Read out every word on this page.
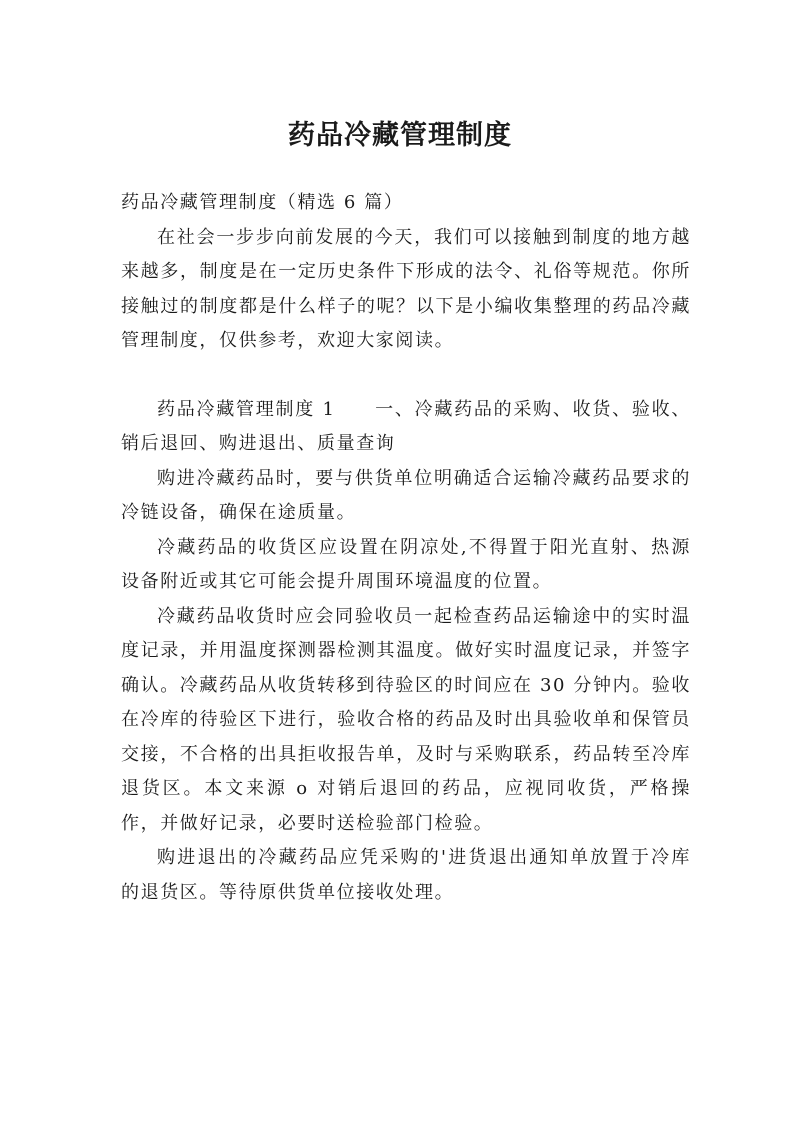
药品冷藏管理制度

药品冷藏管理制度（精选 6 篇）

在社会一步步向前发展的今天，我们可以接触到制度的地方越来越多，制度是在一定历史条件下形成的法令、礼俗等规范。你所接触过的制度都是什么样子的呢？以下是小编收集整理的药品冷藏管理制度，仅供参考，欢迎大家阅读。

药品冷藏管理制度 1　　一、冷藏药品的采购、收货、验收、销后退回、购进退出、质量查询

购进冷藏药品时，要与供货单位明确适合运输冷藏药品要求的冷链设备，确保在途质量。

冷藏药品的收货区应设置在阴凉处,不得置于阳光直射、热源设备附近或其它可能会提升周围环境温度的位置。

冷藏药品收货时应会同验收员一起检查药品运输途中的实时温度记录，并用温度探测器检测其温度。做好实时温度记录，并签字确认。冷藏药品从收货转移到待验区的时间应在 30 分钟内。验收在冷库的待验区下进行，验收合格的药品及时出具验收单和保管员交接，不合格的出具拒收报告单，及时与采购联系，药品转至冷库退货区。本文来源 o 对销后退回的药品，应视同收货，严格操作，并做好记录，必要时送检验部门检验。

购进退出的冷藏药品应凭采购的'进货退出通知单放置于冷库的退货区。等待原供货单位接收处理。
